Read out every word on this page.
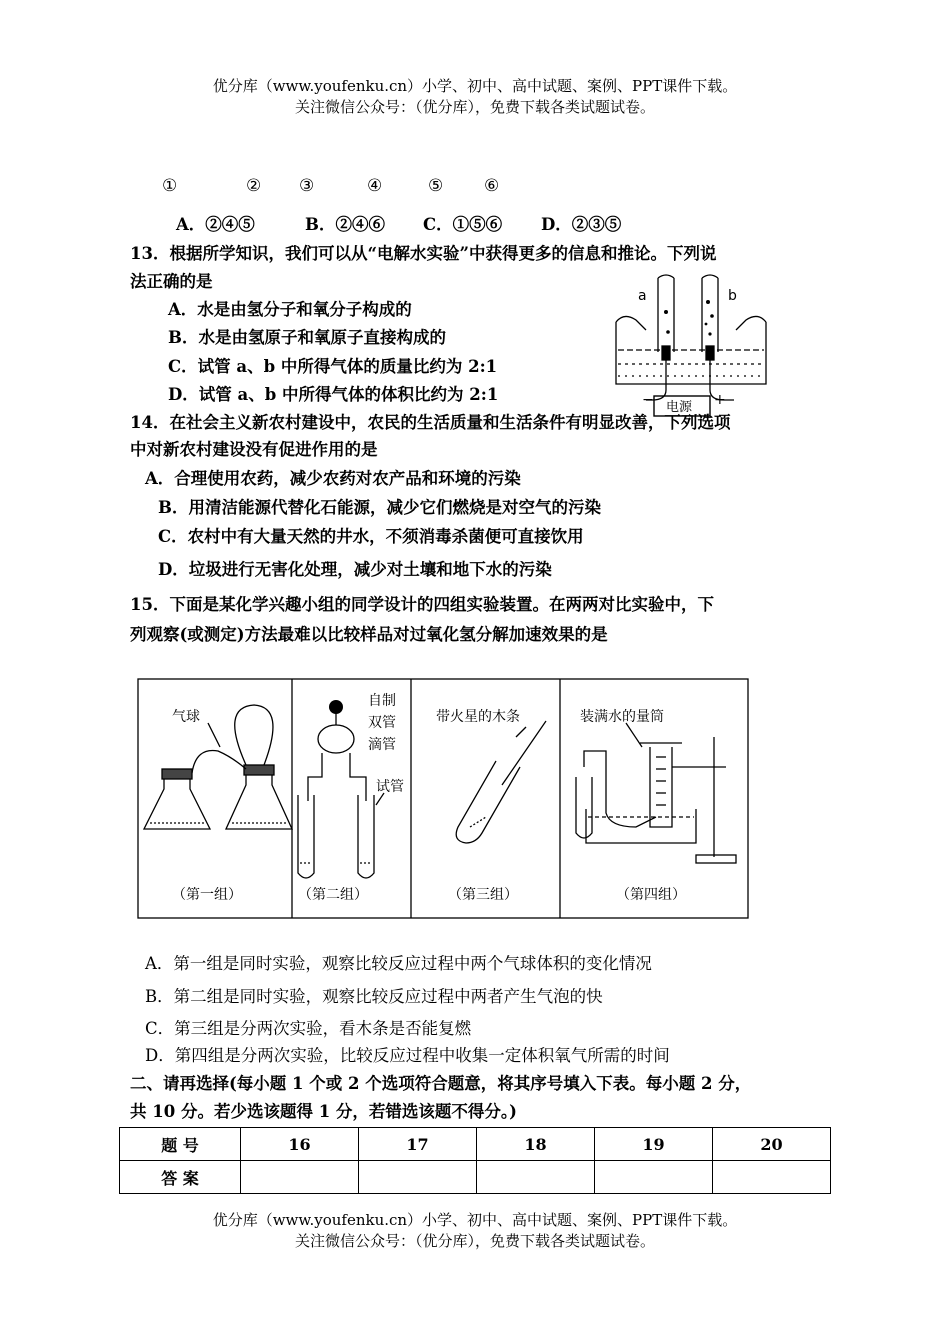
优分库（www.youfenku.cn）小学、初中、高中试题、案例、PPT课件下载。
关注微信公众号：（优分库），免费下载各类试题试卷。
①	② ③	④	⑤ ⑥
A．②④⑤	B．②④⑥ C．①⑤⑥ D．②③⑤
13．根据所学知识，我们可以从“电解水实验”中获得更多的信息和推论。下列说
法正确的是
A．水是由氢分子和氧分子构成的
B．水是由氢原子和氧原子直接构成的
C．试管 a、b 中所得气体的质量比约为 2:1
D．试管 a、b 中所得气体的体积比约为 2:1
a	b
电源
−	+
14．在社会主义新农村建设中，农民的生活质量和生活条件有明显改善，下列选项
中对新农村建设没有促进作用的是
A．合理使用农药，减少农药对农产品和环境的污染
B．用清洁能源代替化石能源，减少它们燃烧是对空气的污染
C．农村中有大量天然的井水，不须消毒杀菌便可直接饮用
D．垃圾进行无害化处理，减少对土壤和地下水的污染
15．下面是某化学兴趣小组的同学设计的四组实验装置。在两两对比实验中，下
列观察(或测定)方法最难以比较样品对过氧化氢分解加速效果的是
气球
（第一组）
自制
双管
滴管
试管
（第二组）
带火星的木条
（第三组）
装满水的量筒
（第四组）
A．第一组是同时实验，观察比较反应过程中两个气球体积的变化情况
B．第二组是同时实验，观察比较反应过程中两者产生气泡的快
C．第三组是分两次实验，看木条是否能复燃
D．第四组是分两次实验，比较反应过程中收集一定体积氧气所需的时间
二、请再选择(每小题 1 个或 2 个选项符合题意，将其序号填入下表。每小题 2 分，
共 10 分。若少选该题得 1 分，若错选该题不得分。)
题 号	16	17	18	19	20
答 案					
优分库（www.youfenku.cn）小学、初中、高中试题、案例、PPT课件下载。
关注微信公众号：（优分库），免费下载各类试题试卷。
